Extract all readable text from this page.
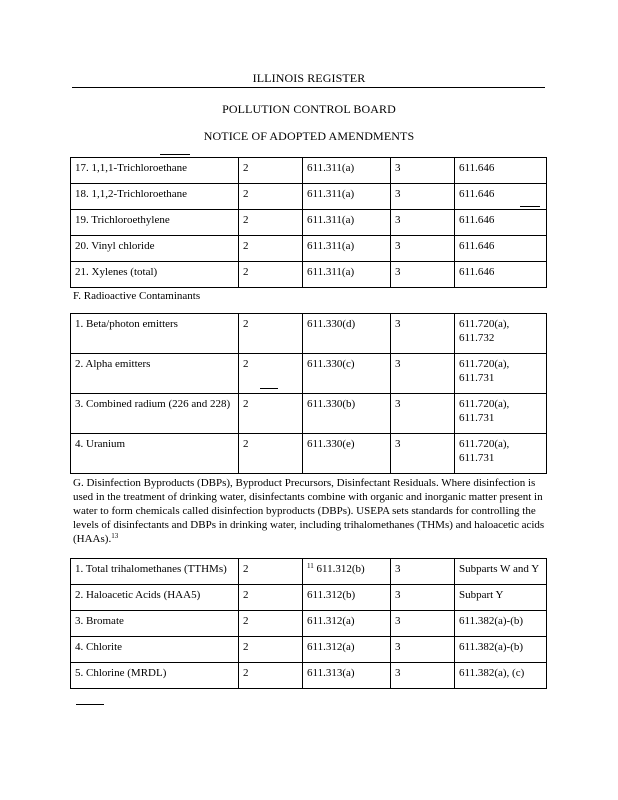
ILLINOIS REGISTER
POLLUTION CONTROL BOARD
NOTICE OF ADOPTED AMENDMENTS
17. 1,1,1-Trichloroethane	2	611.311(a)	3	611.646
18. 1,1,2-Trichloroethane	2	611.311(a)	3	611.646
19. Trichloroethylene	2	611.311(a)	3	611.646
20. Vinyl chloride	2	611.311(a)	3	611.646
21. Xylenes (total)	2	611.311(a)	3	611.646
F. Radioactive Contaminants
1. Beta/photon emitters	2	611.330(d)	3	611.720(a), 611.732
2. Alpha emitters	2	611.330(c)	3	611.720(a), 611.731
3. Combined radium (226 and 228)	2	611.330(b)	3	611.720(a), 611.731
4. Uranium	2	611.330(e)	3	611.720(a), 611.731
G. Disinfection Byproducts (DBPs), Byproduct Precursors, Disinfectant Residuals. Where disinfection is used in the treatment of drinking water, disinfectants combine with organic and inorganic matter present in water to form chemicals called disinfection byproducts (DBPs). USEPA sets standards for controlling the levels of disinfectants and DBPs in drinking water, including trihalomethanes (THMs) and haloacetic acids (HAAs).$^{13}$
1. Total trihalomethanes (TTHMs)	2	$^{11}$ 611.312(b)	3	Subparts W and Y
2. Haloacetic Acids (HAA5)	2	611.312(b)	3	Subpart Y
3. Bromate	2	611.312(a)	3	611.382(a)-(b)
4. Chlorite	2	611.312(a)	3	611.382(a)-(b)
5. Chlorine (MRDL)	2	611.313(a)	3	611.382(a), (c)
